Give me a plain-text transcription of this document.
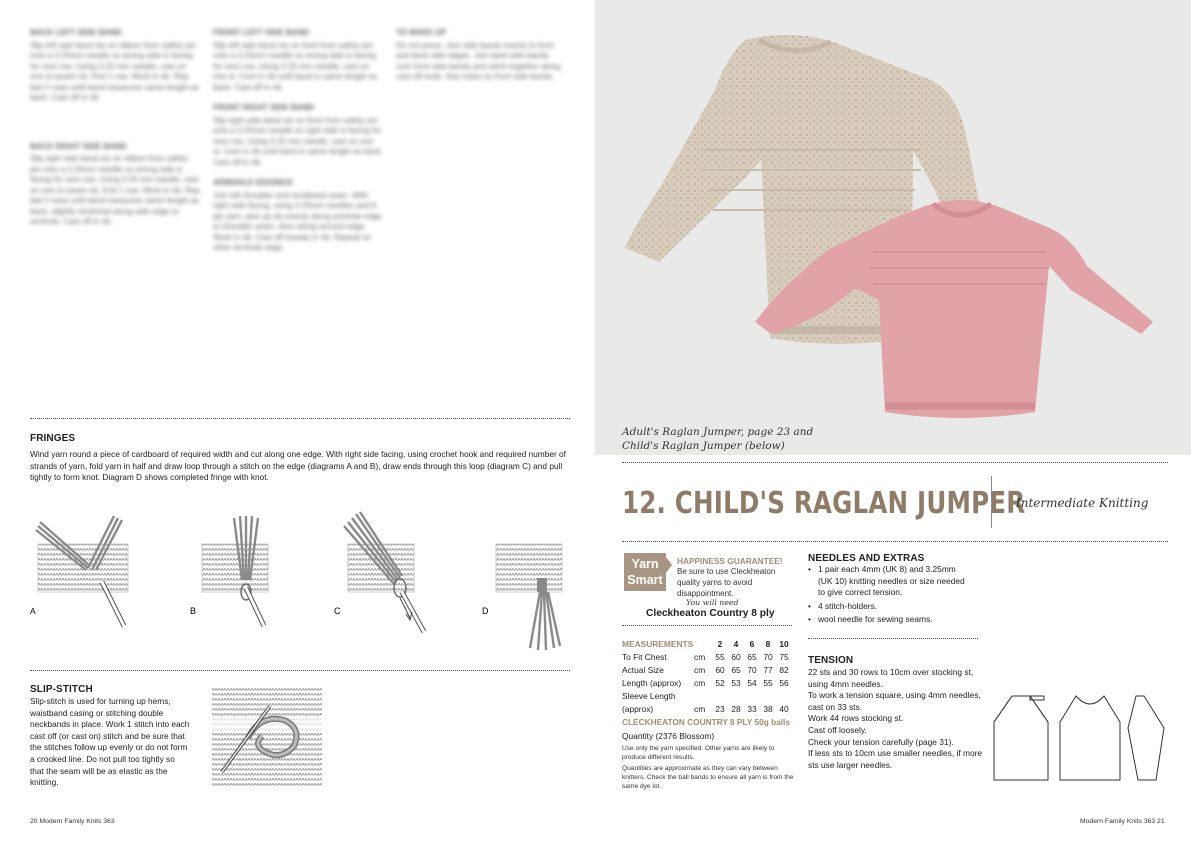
BACK LEFT SIDE BAND

Slip left side band sts on ribbon from safety pin onto a 3.25mm needle so wrong side is facing for next row. Using 3.25 mm needle, cast on one st (seam st). Knit 1 row. Work in rib. Rep last 2 rows until band measures same length as back. Cast off in rib.

BACK RIGHT SIDE BAND

Slip right side band sts on ribbon from safety pin onto a 3.25mm needle so wrong side is facing for next row. Using 3.25 mm needle, cast on one st (seam st). Knit 1 row. Work in rib. Rep last 2 rows until band measures same length as back, slightly stretched along side edge to armhole. Cast off in rib.

FRONT LEFT SIDE BAND

Slip left side band sts on front from safety pin onto a 3.25mm needle so wrong side is facing for next row. Using 3.25 mm needle, cast on one st. Cont in rib until band is same length as back. Cast off in rib.

FRONT RIGHT SIDE BAND

Slip right side band sts on front from safety pin onto a 3.25mm needle so right side is facing for next row. Using 3.25 mm needle, cast on one st. Cont in rib until band is same length as back. Cast off in rib.

ARMHOLE EDGINGS

Join left shoulder and neckband seam. With right side facing, using 3.25mm needles and 8 ply yarn, pick up sts evenly along armhole edge to shoulder seam, then along second edge. Work in rib. Cast off loosely in rib. Repeat on other armhole edge.

TO MAKE UP

Do not press. Join side bands evenly to front and back side edges. Join back side bands over front side bands and stitch together along cast off ends. See notes on front side bands.

FRINGES
Wind yarn round a piece of cardboard of required width and cut along one edge. With right side facing, using crochet hook and required number of strands of yarn, fold yarn in half and draw loop through a stitch on the edge (diagrams A and B), draw ends through this loop (diagram C) and pull tightly to form knot. Diagram D shows completed fringe with knot.
A	B	C	D
SLIP-STITCH
Slip-stitch is used for turning up hems, waistband casing or stitching double neckbands in place. Work 1 stitch into each cast off (or cast on) stitch and be sure that the stitches follow up evenly or do not form a crooked line. Do not pull too tightly so that the seam will be as elastic as the knitting.
20 Modern Family Knits 363
Adult's Raglan Jumper, page 23 and
Child's Raglan Jumper (below)
12. CHILD'S RAGLAN JUMPER
Intermediate Knitting
Yarn
Smart
HAPPINESS GUARANTEE!
Be sure to use Cleckheaton quality yarns to avoid disappointment.
You will need
Cleckheaton Country 8 ply
MEASUREMENTS		2	4	6	8	10
To Fit Chest	cm	55	60	65	70	75
Actual Size	cm	60	65	70	77	82
Length (approx)	cm	52	53	54	55	56
Sleeve Length						
(approx)	cm	23	28	33	38	40
CLECKHEATON COUNTRY 8 PLY 50g balls
Quantity (2376 Blossom)
Use only the yarn specified. Other yarns are likely to produce different results.
Quantities are approximate as they can vary between knitters. Check the ball bands to ensure all yarn is from the same dye lot.
NEEDLES AND EXTRAS
• 1 pair each 4mm (UK 8) and 3.25mm (UK 10) knitting needles or size needed to give correct tension.
• 4 stitch-holders.
• wool needle for sewing seams.
TENSION
22 sts and 30 rows to 10cm over stocking st,
using 4mm needles.
To work a tension square, using 4mm needles,
cast on 33 sts.
Work 44 rows stocking st.
Cast off loosely.
Check your tension carefully (page 31).
If less sts to 10cm use smaller needles, if more
sts use larger needles.
Modern Family Knits 363 21
